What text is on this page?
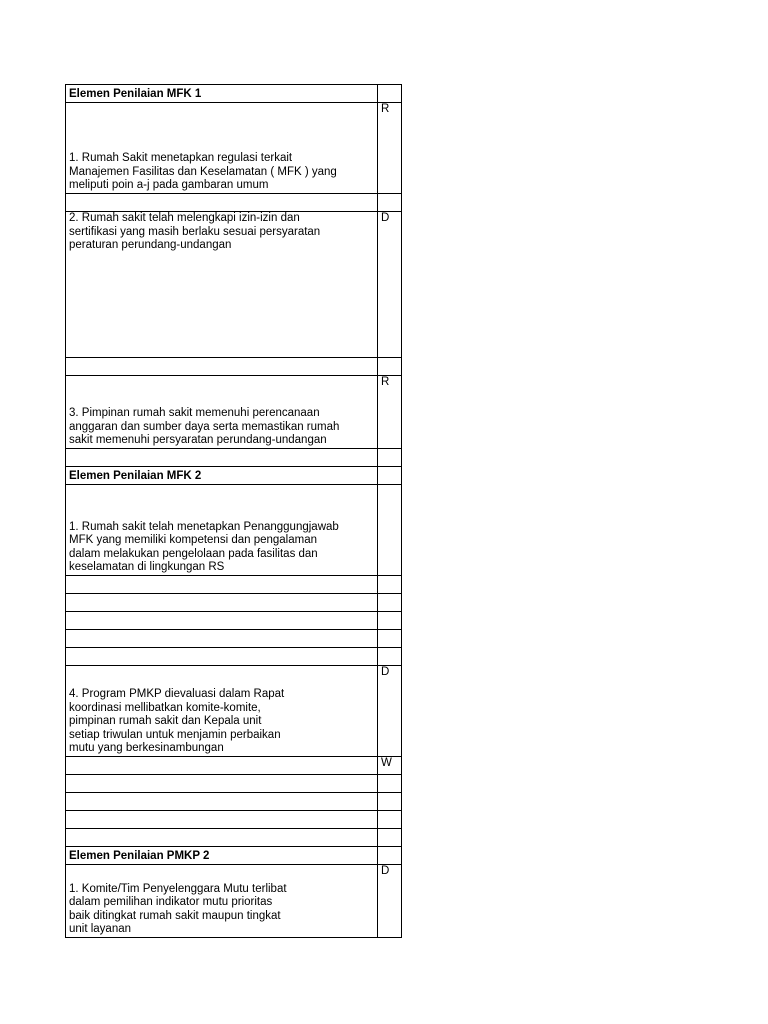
Elemen Penilaian MFK 1	
1. Rumah Sakit menetapkan regulasi terkait
Manajemen Fasilitas dan Keselamatan ( MFK ) yang
meliputi poin a-j pada gambaran umum	R

2. Rumah sakit telah melengkapi izin-izin dan
sertifikasi yang masih berlaku sesuai persyaratan
peraturan perundang-undangan	D

3. Pimpinan rumah sakit memenuhi perencanaan
anggaran dan sumber daya serta memastikan rumah
sakit memenuhi persyaratan perundang-undangan	R

Elemen Penilaian MFK 2	
1. Rumah sakit telah menetapkan Penanggungjawab
MFK yang memiliki kompetensi dan pengalaman
dalam melakukan pengelolaan pada fasilitas dan
keselamatan di lingkungan RS	

4. Program PMKP dievaluasi dalam Rapat
koordinasi mellibatkan komite-komite,
pimpinan rumah sakit dan Kepala unit
setiap triwulan untuk menjamin perbaikan
mutu yang berkesinambungan	D
	W

Elemen Penilaian PMKP 2	
1. Komite/Tim Penyelenggara Mutu terlibat
dalam pemilihan indikator mutu prioritas
baik ditingkat rumah sakit maupun tingkat
unit layanan	D
